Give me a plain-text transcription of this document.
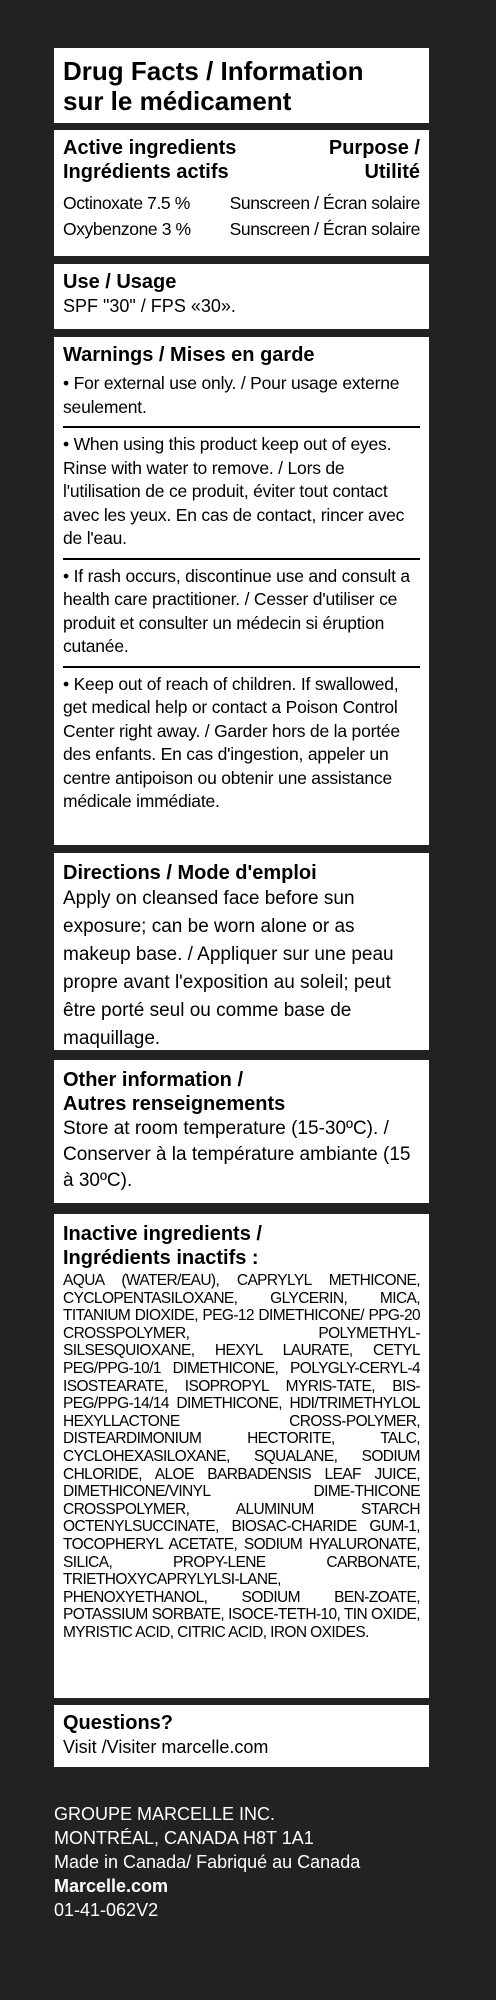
Drug Facts / Information
sur le médicament
Active ingredients
Ingrédients actifs
Purpose /
Utilité
Octinoxate 7.5 % Sunscreen / Écran solaire
Oxybenzone 3 % Sunscreen / Écran solaire
Use / Usage
SPF "30" / FPS «30».
Warnings / Mises en garde
• For external use only. / Pour usage externe seulement.
• When using this product keep out of eyes. Rinse with water to remove. / Lors de l'utilisation de ce produit, éviter tout contact avec les yeux. En cas de contact, rincer avec de l'eau.
• If rash occurs, discontinue use and consult a health care practitioner. / Cesser d'utiliser ce produit et consulter un médecin si éruption cutanée.
• Keep out of reach of children. If swallowed, get medical help or contact a Poison Control Center right away. / Garder hors de la portée des enfants. En cas d'ingestion, appeler un centre antipoison ou obtenir une assistance médicale immédiate.
Directions / Mode d'emploi
Apply on cleansed face before sun exposure; can be worn alone or as makeup base. / Appliquer sur une peau propre avant l'exposition au soleil; peut être porté seul ou comme base de maquillage.
Other information /
Autres renseignements
Store at room temperature (15-30ºC). / Conserver à la température ambiante (15 à 30ºC).
Inactive ingredients /
Ingrédients inactifs :
AQUA (WATER/EAU), CAPRYLYL METHICONE, CYCLOPENTASILOXANE, GLYCERIN, MICA, TITANIUM DIOXIDE, PEG-12 DIMETHICONE/ PPG-20 CROSSPOLYMER, POLYMETHYL-SILSESQUIOXANE, HEXYL LAURATE, CETYL PEG/PPG-10/1 DIMETHICONE, POLYGLY-CERYL-4 ISOSTEARATE, ISOPROPYL MYRIS-TATE, BIS-PEG/PPG-14/14 DIMETHICONE, HDI/TRIMETHYLOL HEXYLLACTONE CROSS-POLYMER, DISTEARDIMONIUM HECTORITE, TALC, CYCLOHEXASILOXANE, SQUALANE, SODIUM CHLORIDE, ALOE BARBADENSIS LEAF JUICE, DIMETHICONE/VINYL DIME-THICONE CROSSPOLYMER, ALUMINUM STARCH OCTENYLSUCCINATE, BIOSAC-CHARIDE GUM-1, TOCOPHERYL ACETATE, SODIUM HYALURONATE, SILICA, PROPY-LENE CARBONATE, TRIETHOXYCAPRYLYLSI-LANE, PHENOXYETHANOL, SODIUM BEN-ZOATE, POTASSIUM SORBATE, ISOCE-TETH-10, TIN OXIDE, MYRISTIC ACID, CITRIC ACID, IRON OXIDES.
Questions?
Visit /Visiter marcelle.com
GROUPE MARCELLE INC.
MONTRÉAL, CANADA H8T 1A1
Made in Canada/ Fabriqué au Canada
Marcelle.com
01-41-062V2
